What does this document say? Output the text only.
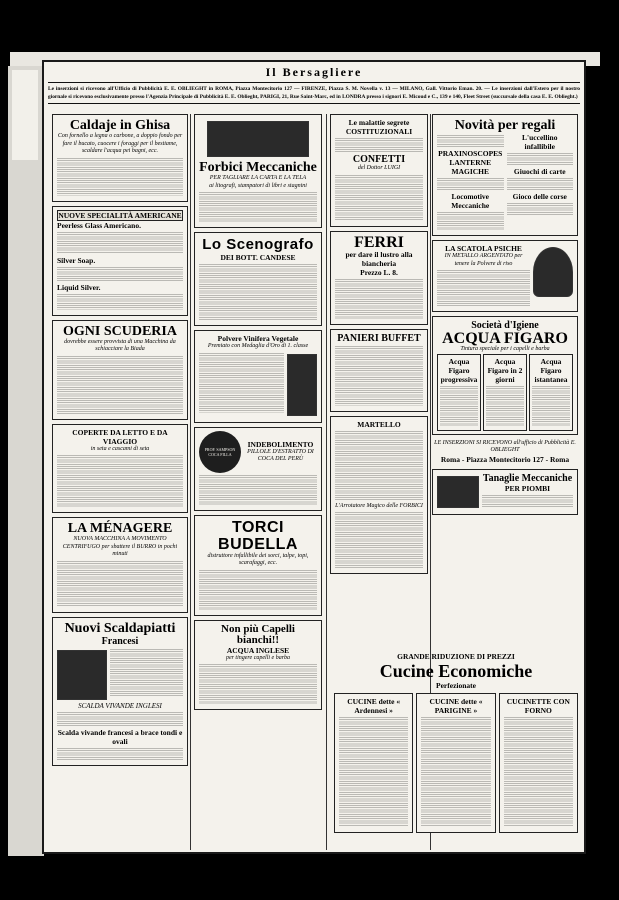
Il Bersagliere
Le inserzioni si ricevono all'Ufficio di Pubblicità E. E. OBLIEGHT in ROMA, Piazza Montecitorio 127 — FIRENZE, Piazza S. M. Novella v. 13 — MILANO, Gall. Vittorio Eman. 20. — Le inserzioni dall'Estero per il nostro giornale si ricevono esclusivamente presso l'Agenzia Principale di Pubblicità E. E. Oblieght, PARIGI, 21, Rue Saint-Marc, ed in LONDRA presso i signori E. Micoud e C., 139 e 140, Fleet Street (succursale della casa E. E. Oblieght.)
Caldaje in Ghisa
Con fornello a legna o carbone, a doppio fondo per fare il bucato, cuocere i foraggi per il bestiame, scaldare l'acqua pei bagni, ecc.
NUOVE SPECIALITÀ AMERICANE
Peerless Glass Americano.
Silver Soap.
Liquid Silver.
OGNI SCUDERIA
dovrebbe essere provvista di una Macchina da schiacciare la Biada
COPERTE DA LETTO E DA VIAGGIO
in seta e cascami di seta
LA MÉNAGERE
NUOVA MACCHINA A MOVIMENTO CENTRIFUGO per sbattere il BURRO in pochi minuti
Nuovi Scaldapiatti
Francesi
SCALDA VIVANDE INGLESI
Scalda vivande francesi a brace tondi e ovali
Forbici Meccaniche
PER TAGLIARE LA CARTA E LA TELA
ai litografi, stampatori di libri e stagnini
Lo Scenografo
DEI BOTT. CANDESE
Polvere Vinifera Vegetale
Premiato con Medaglia d'Oro di 1. classe
PROF. SAMPSON COCA FILLA
INDEBOLIMENTO
PILLOLE D'ESTRATTO DI COCA DEL PERÙ
TORCI BUDELLA
distruttore infallibile dei sorci, talpe, topi, scarafaggi, ecc.
Non più Capelli bianchi!!
ACQUA INGLESE
per tingere capelli e barba
Le malattie segrete COSTITUZIONALI
CONFETTI
del Dottor LUIGI
FERRI
per dare il lustro alla biancheria
Prezzo L. 8.
PANIERI BUFFET
MARTELLO
L'Arrotatore Magico delle FORBICI
Novità per regali
PRAXINOSCOPES
LANTERNE MAGICHE
Locomotive Meccaniche
L'uccellino infallibile
Giuochi di carte
Gioco delle corse
LA SCATOLA PSICHE
IN METALLO ARGENTATO per tenere la Polvere di riso
Società d'Igiene
ACQUA FIGARO
Tintura speciale per i capelli e barba
Acqua Figaro progressiva
Acqua Figaro in 2 giorni
Acqua Figaro istantanea
LE INSERZIONI SI RICEVONO all'ufficio di Pubblicità E. OBLIEGHT
Roma - Piazza Montecitorio 127 - Roma
Tanaglie Meccaniche
PER PIOMBI
GRANDE RIDUZIONE DI PREZZI
Cucine Economiche
Perfezionate
CUCINE dette « Ardennesi »
CUCINE dette « PARIGINE »
CUCINETTE CON FORNO
